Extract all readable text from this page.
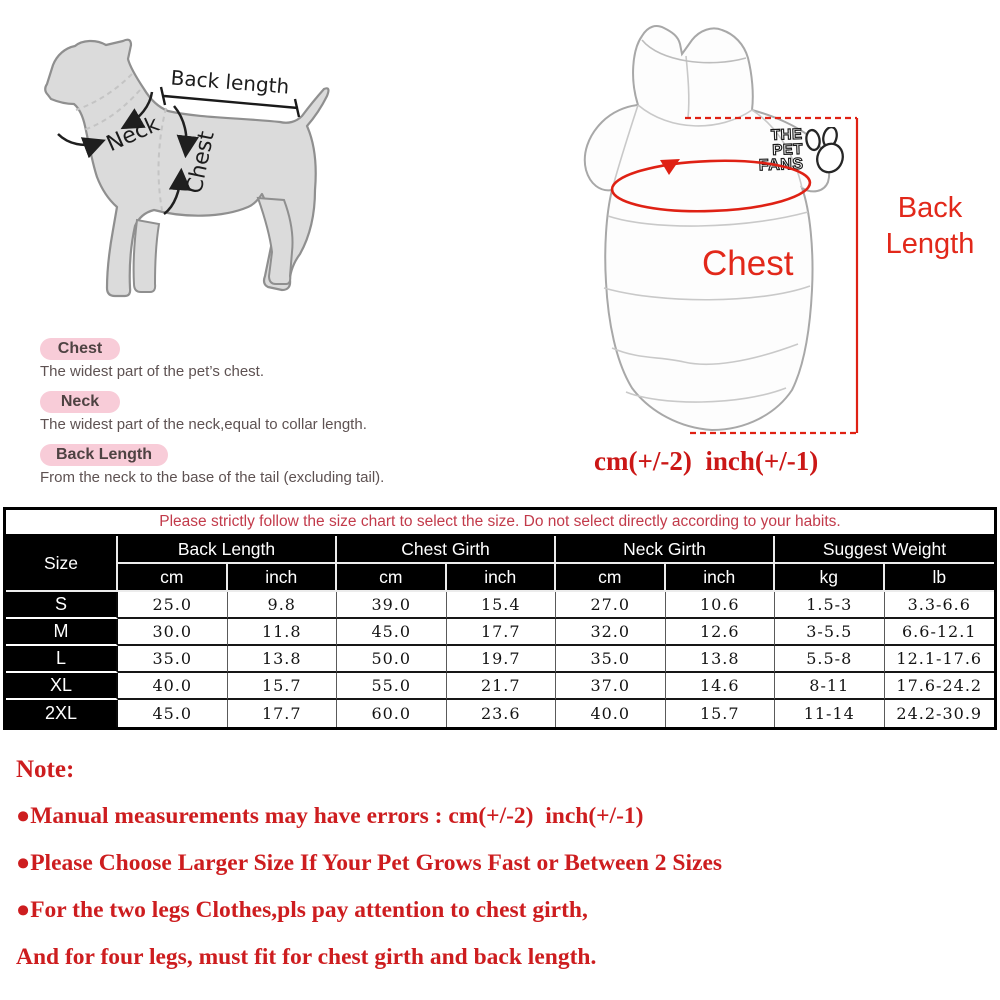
Back length
Neck Chest	THE
PET
FANS
Chest
Back
Length
cm(+/-2)  inch(+/-1)
Chest
The widest part of the pet’s chest.
Neck
The widest part of the neck,equal to collar length.
Back Length
From the neck to the base of the tail (excluding tail).
Please strictly follow the size chart to select the size. Do not select directly according to your habits.								
Size	Back Length		Chest Girth		Neck Girth		Suggest Weight	
	cm	inch	cm	inch	cm	inch	kg	lb
S	25.0	9.8	39.0	15.4	27.0	10.6	1.5-3	3.3-6.6
M	30.0	11.8	45.0	17.7	32.0	12.6	3-5.5	6.6-12.1
L	35.0	13.8	50.0	19.7	35.0	13.8	5.5-8	12.1-17.6
XL	40.0	15.7	55.0	21.7	37.0	14.6	8-11	17.6-24.2
2XL	45.0	17.7	60.0	23.6	40.0	15.7	11-14	24.2-30.9
Note:
●Manual measurements may have errors : cm(+/-2)  inch(+/-1)
●Please Choose Larger Size If Your Pet Grows Fast or Between 2 Sizes
●For the two legs Clothes,pls pay attention to chest girth,
And for four legs, must fit for chest girth and back length.
